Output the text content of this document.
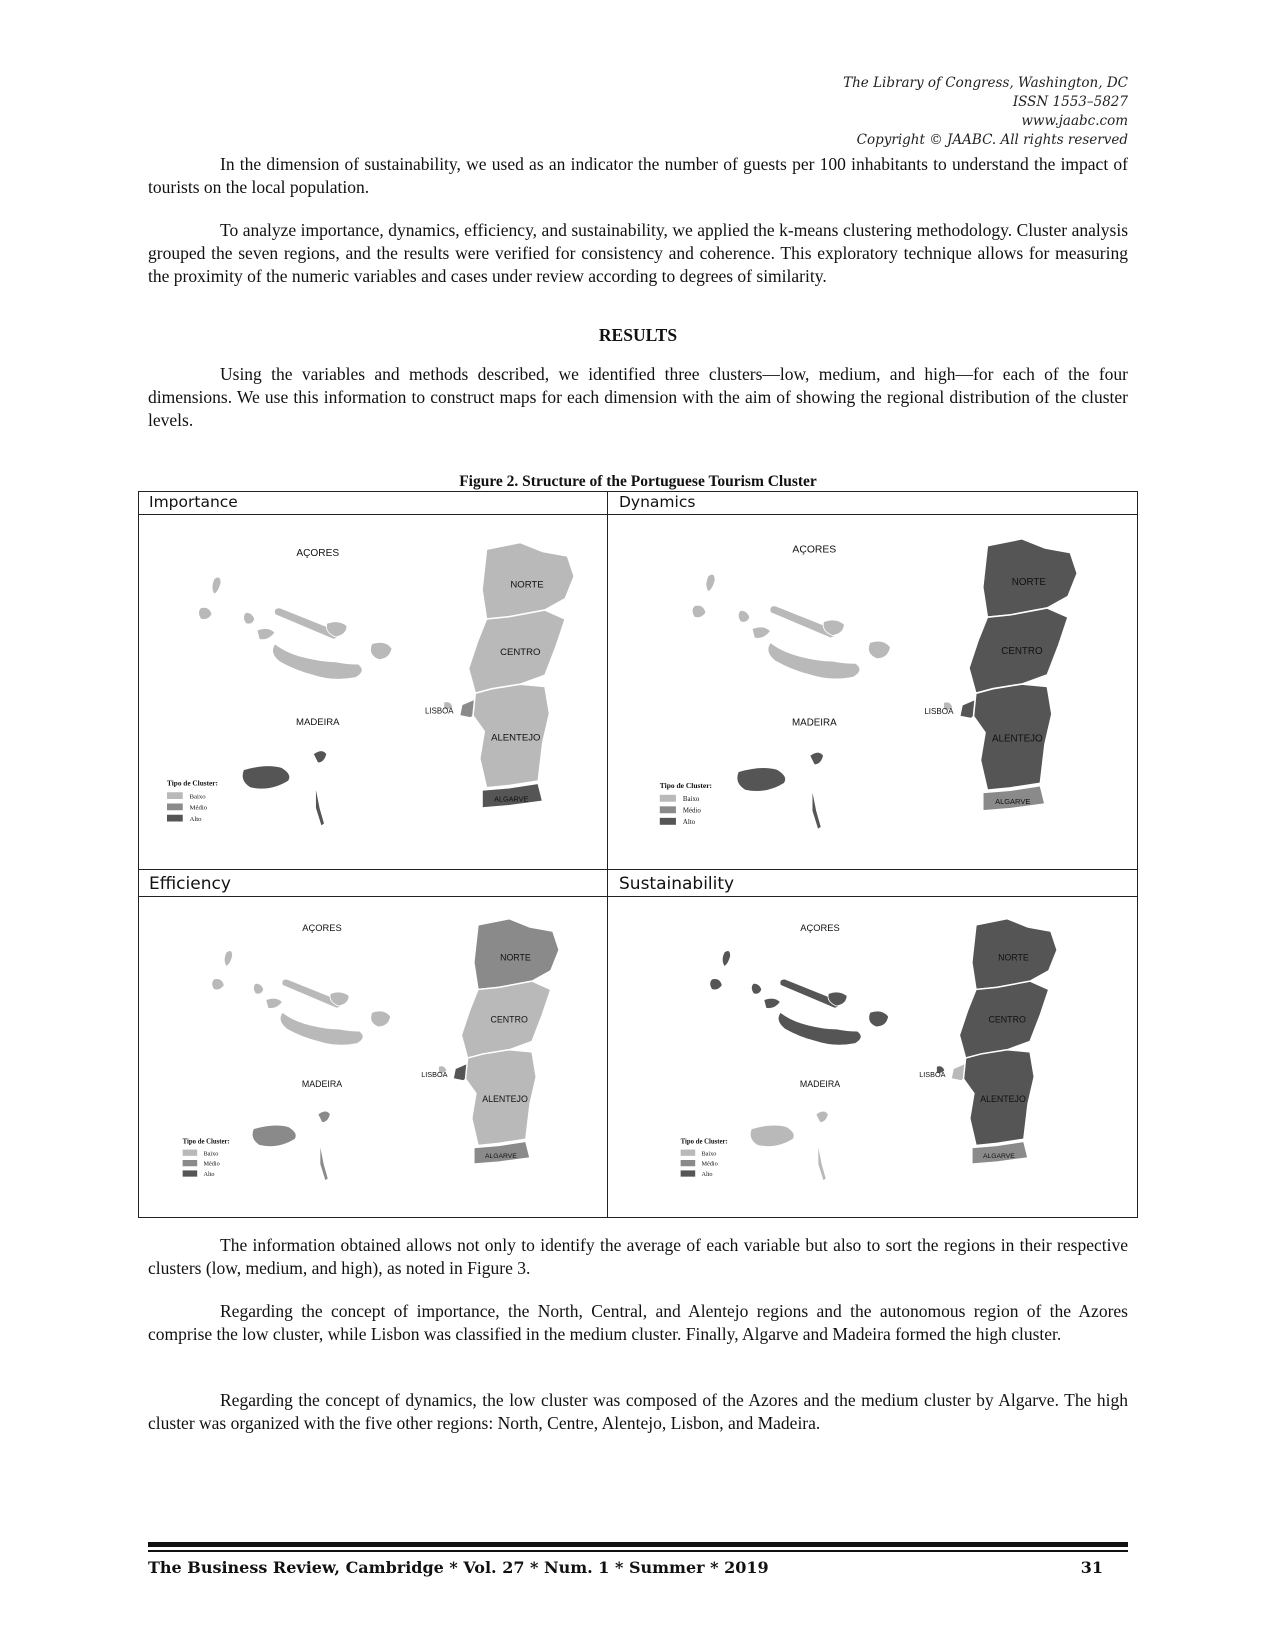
The Library of Congress, Washington, DC
ISSN 1553–5827
www.jaabc.com
Copyright © JAABC. All rights reserved

In the dimension of sustainability, we used as an indicator the number of guests per 100 inhabitants to understand the impact of tourists on the local population.

To analyze importance, dynamics, efficiency, and sustainability, we applied the k-means clustering methodology. Cluster analysis grouped the seven regions, and the results were verified for consistency and coherence. This exploratory technique allows for measuring the proximity of the numeric variables and cases under review according to degrees of similarity.

RESULTS

Using the variables and methods described, we identified three clusters—low, medium, and high—for each of the four dimensions. We use this information to construct maps for each dimension with the aim of showing the regional distribution of the cluster levels.

Figure 2. Structure of the Portuguese Tourism Cluster
Importance	Dynamics
Efficiency	Sustainability
AÇORES
MADEIRA
NORTE
CENTRO
LISBOA
ALENTEJO
ALGARVE
Tipo de Cluster:
Baixo
Médio
Alto
AÇORES
MADEIRA
NORTE
CENTRO
LISBOA
ALENTEJO
ALGARVE
Tipo de Cluster:
Baixo
Médio
Alto
AÇORES
MADEIRA
NORTE
CENTRO
LISBOA
ALENTEJO
ALGARVE
Tipo de Cluster:
Baixo
Médio
Alto
AÇORES
MADEIRA
NORTE
CENTRO
LISBOA
ALENTEJO
ALGARVE
Tipo de Cluster:
Baixo
Médio
Alto

The information obtained allows not only to identify the average of each variable but also to sort the regions in their respective clusters (low, medium, and high), as noted in Figure 3.

Regarding the concept of importance, the North, Central, and Alentejo regions and the autonomous region of the Azores comprise the low cluster, while Lisbon was classified in the medium cluster. Finally, Algarve and Madeira formed the high cluster.

Regarding the concept of dynamics, the low cluster was composed of the Azores and the medium cluster by Algarve. The high cluster was organized with the five other regions: North, Centre, Alentejo, Lisbon, and Madeira.

The Business Review, Cambridge * Vol. 27 * Num. 1 * Summer * 2019	31
